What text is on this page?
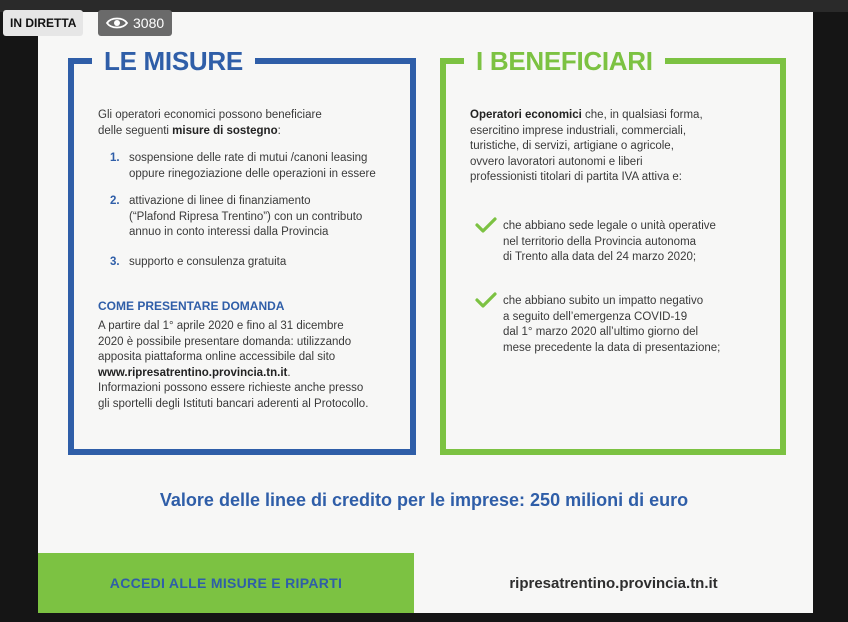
LE MISURE
Gli operatori economici possono beneficiare
delle seguenti misure di sostegno:
1. sospensione delle rate di mutui /canoni leasing
oppure rinegoziazione delle operazioni in essere
2. attivazione di linee di finanziamento
(“Plafond Ripresa Trentino”) con un contributo
annuo in conto interessi dalla Provincia
3. supporto e consulenza gratuita
COME PRESENTARE DOMANDA
A partire dal 1° aprile 2020 e fino al 31 dicembre
2020 è possibile presentare domanda: utilizzando
apposita piattaforma online accessibile dal sito
www.ripresatrentino.provincia.tn.it.
Informazioni possono essere richieste anche presso
gli sportelli degli Istituti bancari aderenti al Protocollo.
I BENEFICIARI
Operatori economici che, in qualsiasi forma,
esercitino imprese industriali, commerciali,
turistiche, di servizi, artigiane o agricole,
ovvero lavoratori autonomi e liberi
professionisti titolari di partita IVA attiva e:
che abbiano sede legale o unità operative
nel territorio della Provincia autonoma
di Trento alla data del 24 marzo 2020;
che abbiano subito un impatto negativo
a seguito dell’emergenza COVID-19
dal 1° marzo 2020 all’ultimo giorno del
mese precedente la data di presentazione;
Valore delle linee di credito per le imprese: 250 milioni di euro
ACCEDI ALLE MISURE E RIPARTI	ripresatrentino.provincia.tn.it
IN DIRETTA	3080
